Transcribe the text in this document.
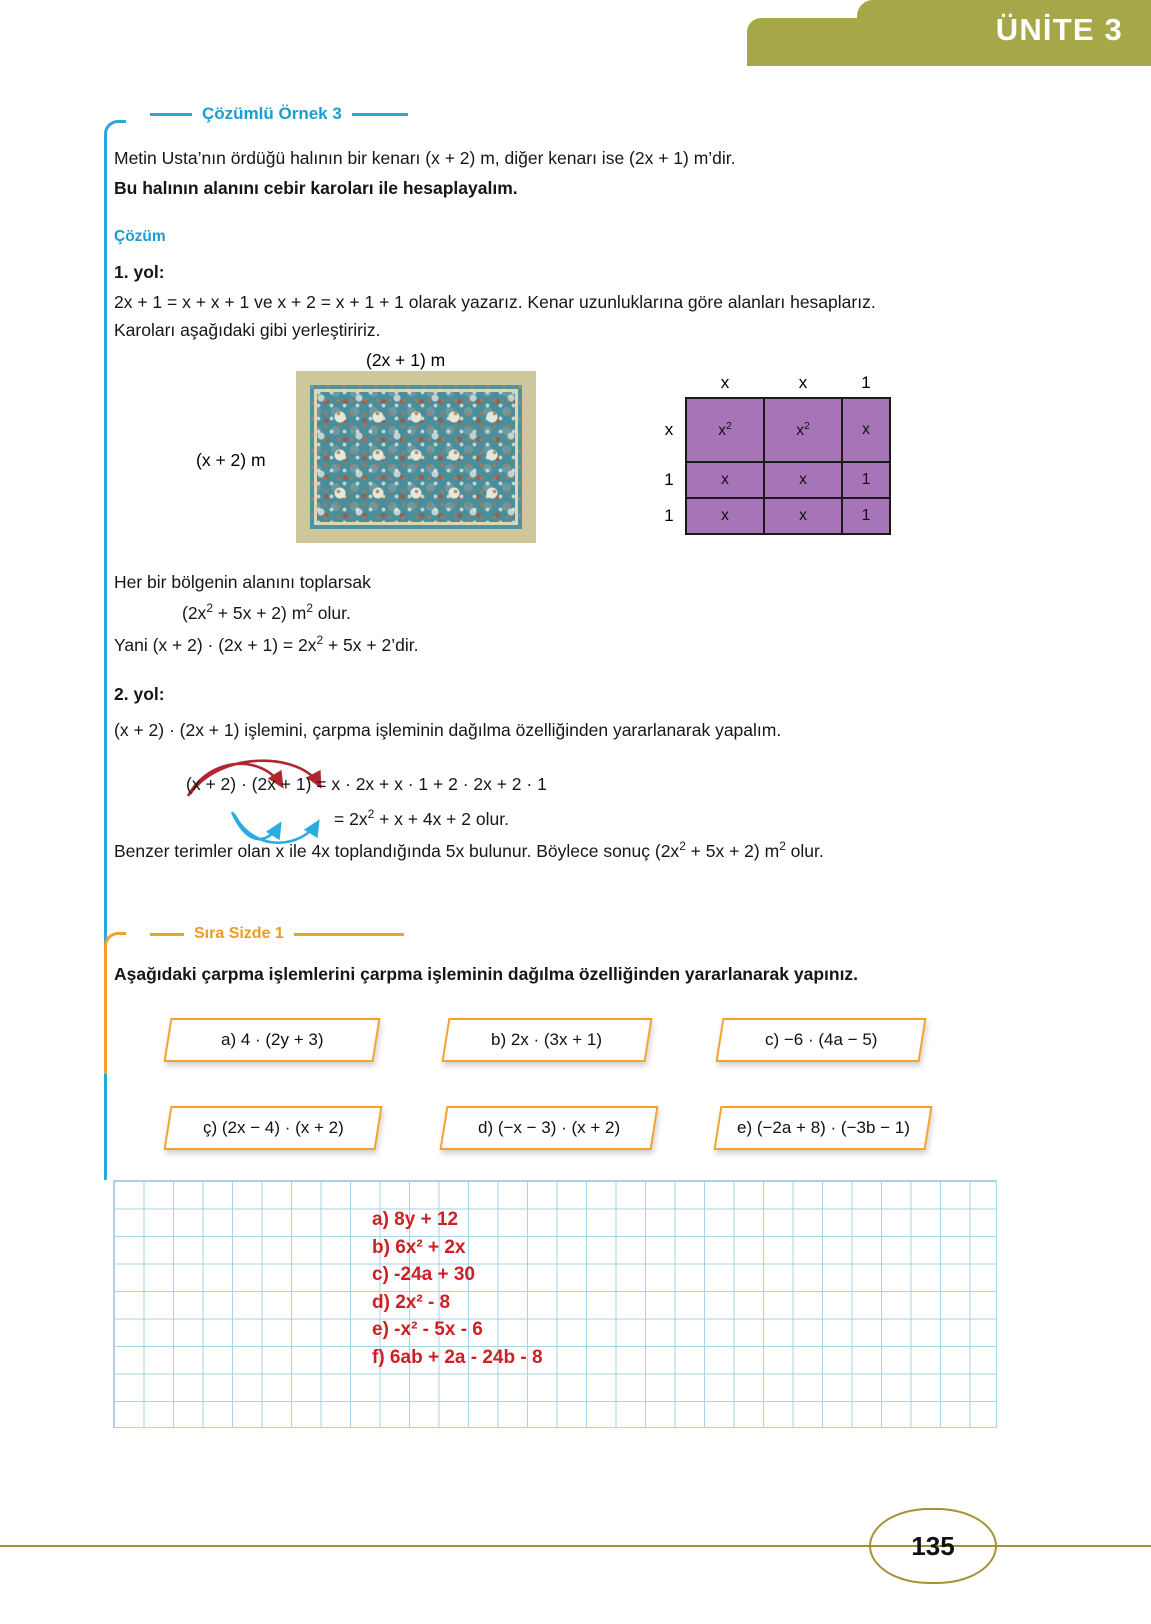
ÜNİTE 3
Çözümlü Örnek 3
Metin Usta’nın ördüğü halının bir kenarı (x + 2) m, diğer kenarı ise (2x + 1) m’dir.
Bu halının alanını cebir karoları ile hesaplayalım.
Çözüm
1. yol:
2x + 1 = x + x + 1 ve x + 2 = x + 1 + 1 olarak yazarız. Kenar uzunluklarına göre alanları hesaplarız.
Karoları aşağıdaki gibi yerleştiririz.
(2x + 1) m
(x + 2) m
	x	x	1
x	$x^2$	$x^2$	x
1	x	x	1
1	x	x	1
Her bir bölgenin alanını toplarsak
$(2x^2 + 5x + 2)$ $m^2$ olur.
Yani $(x + 2) \cdot (2x + 1) = 2x^2 + 5x$ + 2’dir.
2. yol:
(x + 2) · (2x + 1) işlemini, çarpma işleminin dağılma özelliğinden yararlanarak yapalım.
(x + 2) · (2x + 1) = x · 2x + x · 1 + 2 · 2x + 2 · 1
= $2x^2 + x + 4x + 2$ olur.
Benzer terimler olan x ile 4x toplandığında 5x bulunur. Böylece sonuç $(2x^2 + 5x + 2)$ $m^2$ olur.
Sıra Sizde 1
Aşağıdaki çarpma işlemlerini çarpma işleminin dağılma özelliğinden yararlanarak yapınız.
a) 4 · (2y + 3)	b) 2x · (3x + 1)	c) −6 · (4a − 5)
ç) (2x − 4) · (x + 2)	d) (−x − 3) · (x + 2)	e) (−2a + 8) · (−3b − 1)
a) 8y + 12
b) 6x² + 2x
c) -24a + 30
d) 2x² - 8
e) -x² - 5x - 6
f) 6ab + 2a - 24b - 8
135
